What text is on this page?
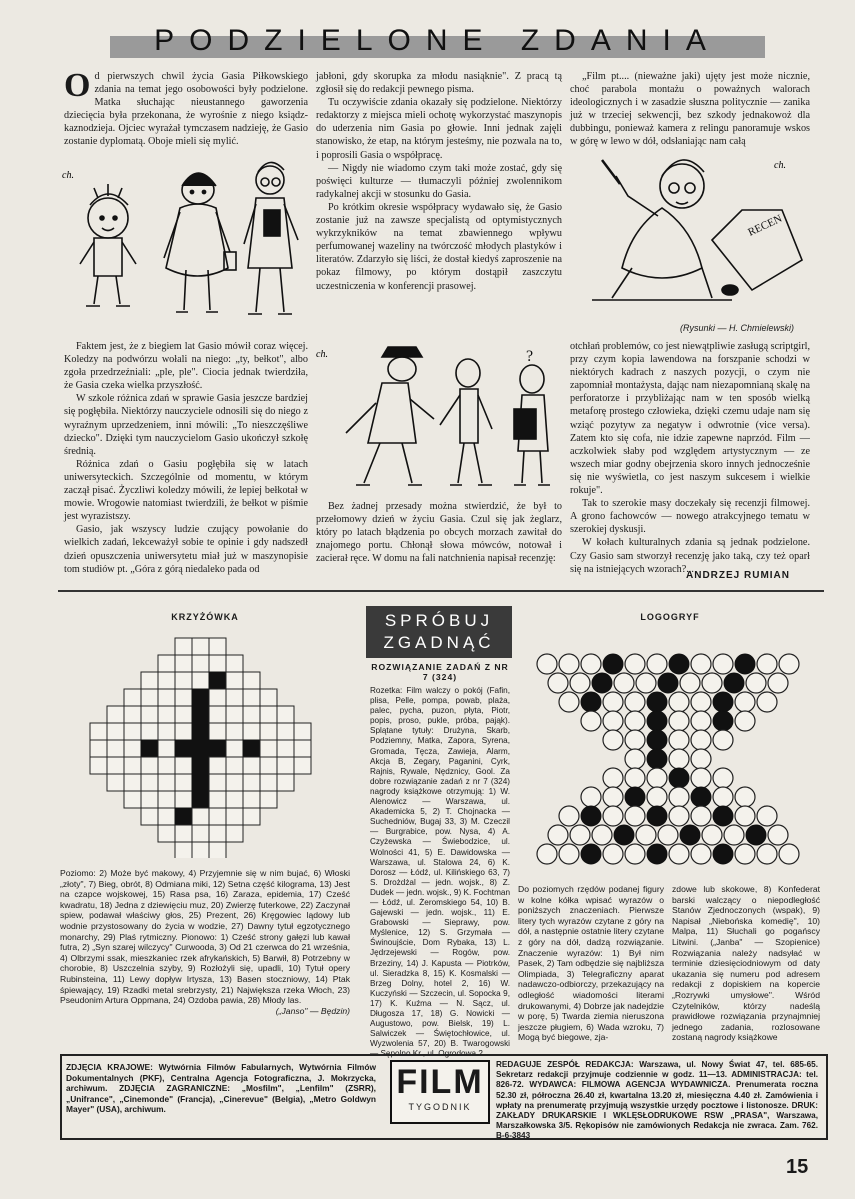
PODZIELONE ZDANIA
Od pierwszych chwil życia Gasia Piłkowskiego zdania na temat jego osobowości były podzielone. Matka słuchając nieustannego gaworzenia dziecięcia była przekonana, że wyrośnie z niego ksiądz-kaznodzieja. Ojciec wyrażał tymczasem nadzieję, że Gasio zostanie dyplomatą. Oboje mieli się mylić.
ch.

Faktem jest, że z biegiem lat Gasio mówił coraz więcej. Koledzy na podwórzu wołali na niego: „ty, bełkot", albo zgoła przedrzeźniali: „ple, ple". Ciocia jednak twierdziła, że Gasia czeka wielka przyszłość.

W szkole różnica zdań w sprawie Gasia jeszcze bardziej się pogłębiła. Niektórzy nauczyciele odnosili się do niego z wyraźnym uprzedzeniem, inni mówili: „To nieszczęśliwe dziecko". Dzięki tym nauczycielom Gasio ukończył szkołę średnią.

Różnica zdań o Gasiu pogłębiła się w latach uniwersyteckich. Szczególnie od momentu, w którym zaczął pisać. Życzliwi koledzy mówili, że lepiej bełkotał w mowie. Wrogowie natomiast twierdzili, że bełkot w piśmie jest wyrazistszy.

Gasio, jak wszyscy ludzie czujący powołanie do wielkich zadań, lekceważył sobie te opinie i gdy nadszedł dzień opuszczenia uniwersytetu miał już w maszynopisie tom studiów pt. „Góra z górą niedaleko pada od

jabłoni, gdy skorupka za młodu nasiąknie". Z pracą tą zgłosił się do redakcji pewnego pisma.

Tu oczywiście zdania okazały się podzielone. Niektórzy redaktorzy z miejsca mieli ochotę wykorzystać maszynopis do uderzenia nim Gasia po głowie. Inni jednak zajęli stanowisko, że etap, na którym jesteśmy, nie pozwala na to, i poprosili Gasia o współpracę.

— Nigdy nie wiadomo czym taki może zostać, gdy się poświęci kulturze — tłumaczyli później zwolennikom radykalnej akcji w stosunku do Gasia.

Po krótkim okresie współpracy wydawało się, że Gasio zostanie już na zawsze specjalistą od optymistycznych wykrzykników na temat zbawiennego wpływu perfumowanej wazeliny na twórczość młodych plastyków i literatów. Zdarzyło się liści, że dostał kiedyś zaproszenie na pokaz filmowy, po którym dostąpił zaszczytu uczestniczenia w konferencji prasowej.

?
ch.

Bez żadnej przesady można stwierdzić, że był to przełomowy dzień w życiu Gasia. Czul się jak żeglarz, który po latach błądzenia po obcych morzach zawitał do znajomego portu. Chłonął słowa mówców, notował i zacierał ręce. W domu na fali natchnienia napisał recenzję:

„Film pt.... (nieważne jaki) ujęty jest może nicznie, choć parabola montażu o poważnych walorach ideologicznych i w zasadzie słuszna politycznie — zanika już w trzeciej sekwencji, bez szkody jednakowoż dla dubbingu, ponieważ kamera z relingu panoramuje wskos w górę w lewo w dół, odsłaniając nam całą

RECEN
ch.
(Rysunki — H. Chmielewski)

otchłań problemów, co jest niewątpliwie zasługą scriptgirl, przy czym kopia lawendowa na forszpanie schodzi w niektórych kadrach z naszych pozycji, o czym nie zapomniał montażysta, dając nam niezapomnianą skalę na perforatorze i przybliżając nam w ten sposób wielką metaforę prostego człowieka, dzięki czemu udaje nam się wziąć pozytyw za negatyw i odwrotnie (vice versa). Zatem kto się cofa, nie idzie zapewne naprzód. Film — aczkolwiek słaby pod względem artystycznym — ze wszech miar godny obejrzenia skoro innych jednocześnie się nie wyświetla, co jest naszym sukcesem i wielkie rokuje".

Tak to szerokie masy doczekały się recenzji filmowej. A grono fachowców — nowego atrakcyjnego tematu w szerokiej dyskusji.

W kołach kulturalnych zdania są jednak podzielone. Czy Gasio sam stworzył recenzję jako taką, czy też oparł się na istniejących wzorach?...

ANDRZEJ RUMIAN
KRZYŻÓWKA

Poziomo: 2) Może być makowy, 4) Przyjemnie się w nim bujać, 6) Włoski „złoty", 7) Bieg, obrót, 8) Odmiana miki, 12) Setna część kilograma, 13) Jest na czapce wojskowej, 15) Rasa psa, 16) Zaraza, epidemia, 17) Cześć kwadratu, 18) Jedna z dziewięciu muz, 20) Zwierzę futerkowe, 22) Zaczynał spiew, podawał właściwy głos, 25) Prezent, 26) Kręgowiec lądowy lub wodnie przystosowany do życia w wodzie, 27) Dawny tytuł egzotycznego monarchy, 29) Plaś rytmiczny. Pionowo: 1) Cześć strony gałęzi lub kawał futra, 2) „Syn szarej wilczycy" Curwooda, 3) Od 21 czerwca do 21 września, 4) Olbrzymi ssak, mieszkaniec rzek afrykańskich, 5) Barwił, 8) Potrzebny w chorobie, 8) Uszczelnia szyby, 9) Rozłożyli się, upadli, 10) Tytuł opery Rubinsteina, 11) Lewy dopływ Irtysza, 13) Basen stoczniowy, 14) Ptak śpiewający, 19) Rzadki metal srebrzysty, 21) Największa rzeka Włoch, 23) Pseudonim Artura Oppmana, 24) Ozdoba pawia, 28) Młody las.

(„Janso" — Będzin)

SPRÓBUJ
ZGADNĄĆ
ROZWIĄZANIE ZADAŃ Z NR 7 (324)
Rozetka: Film walczy o pokój (Fafin, plisa, Pelle, pompa, powab, plaża, palec, pycha, puzon, płyta, Piotr, popis, proso, pukle, próba, pająk). Splątane tytuły: Drużyna, Skarb, Podziemny, Matka, Zapora, Syrena, Gromada, Tęcza, Zawieja, Alarm, Akcja B, Zegary, Paganini, Cyrk, Rajnis, Rywale, Nędznicy, Gool. Za dobre rozwiązanie zadań z nr 7 (324) nagrody książkowe otrzymują: 1) W. Alenowicz — Warszawa, ul. Akademicka 5, 2) T. Chojnacka — Suchedniów, Bugaj 33, 3) M. Czeczil — Burgrabice, pow. Nysa, 4) A. Czyżewska — Świebodzice, ul. Wolności 41, 5) E. Dawidowska — Warszawa, ul. Stalowa 24, 6) K. Dorosz — Łódź, ul. Kilińskiego 63, 7) S. Drożdżal — jedn. wojsk., 8) Z. Dudek — jedn. wojsk., 9) K. Fochtman — Łódź, ul. Żeromskiego 54, 10) B. Gajewski — jedn. wojsk., 11) E. Grabowski — Sieprawy, pow. Myślenice, 12) S. Grzymała — Świnoujście, Dom Rybaka, 13) L. Jędrzejewski — Rogów, pow. Brzeziny, 14) J. Kapusta — Piotrków, ul. Sieradzka 8, 15) K. Kosmalski — Brzeg Dolny, hotel 2, 16) W. Kuczyński — Szczecin, ul. Sopocka 9, 17) K. Kuźma — N. Sącz, ul. Długosza 17, 18) G. Nowicki — Augustowo, pow. Bielsk, 19) L. Salwiczek — Świętochłowice, ul. Wyzwolenia 57, 20) B. Twarogowski — Sępolno Kr., ul. Ogrodowa 2.
LOGOGRYF
Do poziomych rzędów podanej figury w kolne kółka wpisać wyrazów o poniższych znaczeniach. Pierwsze litery tych wyrazów czytane z góry na dół, a następnie ostatnie litery czytane z góry na dół, dadzą rozwiązanie. Znaczenie wyrazów: 1) Był nim Pasek, 2) Tam odbędzie się najbliższa Olimpiada, 3) Telegraficzny aparat nadawczo-odbiorczy, przekazujący na odległość wiadomości literami drukowanymi, 4) Dobrze jak nadejdzie w porę, 5) Twarda ziemia nieruszona jeszcze pługiem, 6) Wada wzroku, 7) Mogą być biegowe, zja-
zdowe lub skokowe, 8) Konfederat barski walczący o niepodległość Stanów Zjednoczonych (wspak), 9) Napisał „Niebońska komedię", 10) Malpa, 11) Słuchali go pogańscy Litwini. („Janba" — Szopienice) Rozwiązania należy nadsyłać w terminie dziesięciodniowym od daty ukazania się numeru pod adresem redakcji z dopiskiem na kopercie „Rozrywki umysłowe". Wśród Czytelników, którzy nadeślą prawidłowe rozwiązania przynajmniej jednego zadania, rozlosowane zostaną nagrody książkowe
ZDJĘCIA KRAJOWE: Wytwórnia Filmów Fabularnych, Wytwórnia Filmów Dokumentalnych (PKF), Centralna Agencja Fotograficzna, J. Mokrzycka, archiwum. ZDJĘCIA ZAGRANICZNE: „Mosfilm", „Lenfilm" (ZSRR), „Unifrance", „Cinemonde" (Francja), „Cinerevue" (Belgia), „Metro Goldwyn Mayer" (USA), archiwum.
FILM
TYGODNIK
REDAGUJE ZESPÓŁ REDAKCJA: Warszawa, ul. Nowy Świat 47, tel. 685-65. Sekretarz redakcji przyjmuje codziennie w godz. 11—13. ADMINISTRACJA: tel. 826-72. WYDAWCA: FILMOWA AGENCJA WYDAWNICZA. Prenumerata roczna 52.30 zł, półroczna 26.40 zł, kwartalna 13.20 zł, miesięczna 4.40 zł. Zamówienia i wpłaty na prenumeratę przyjmują wszystkie urzędy pocztowe i listonosze. DRUK: ZAKŁADY DRUKARSKIE I WKLĘSŁODRUKOWE RSW „PRASA", Warszawa, Marszałkowska 3/5. Rękopisów nie zamówionych Redakcja nie zwraca. Zam. 762. B-6-3843
15
